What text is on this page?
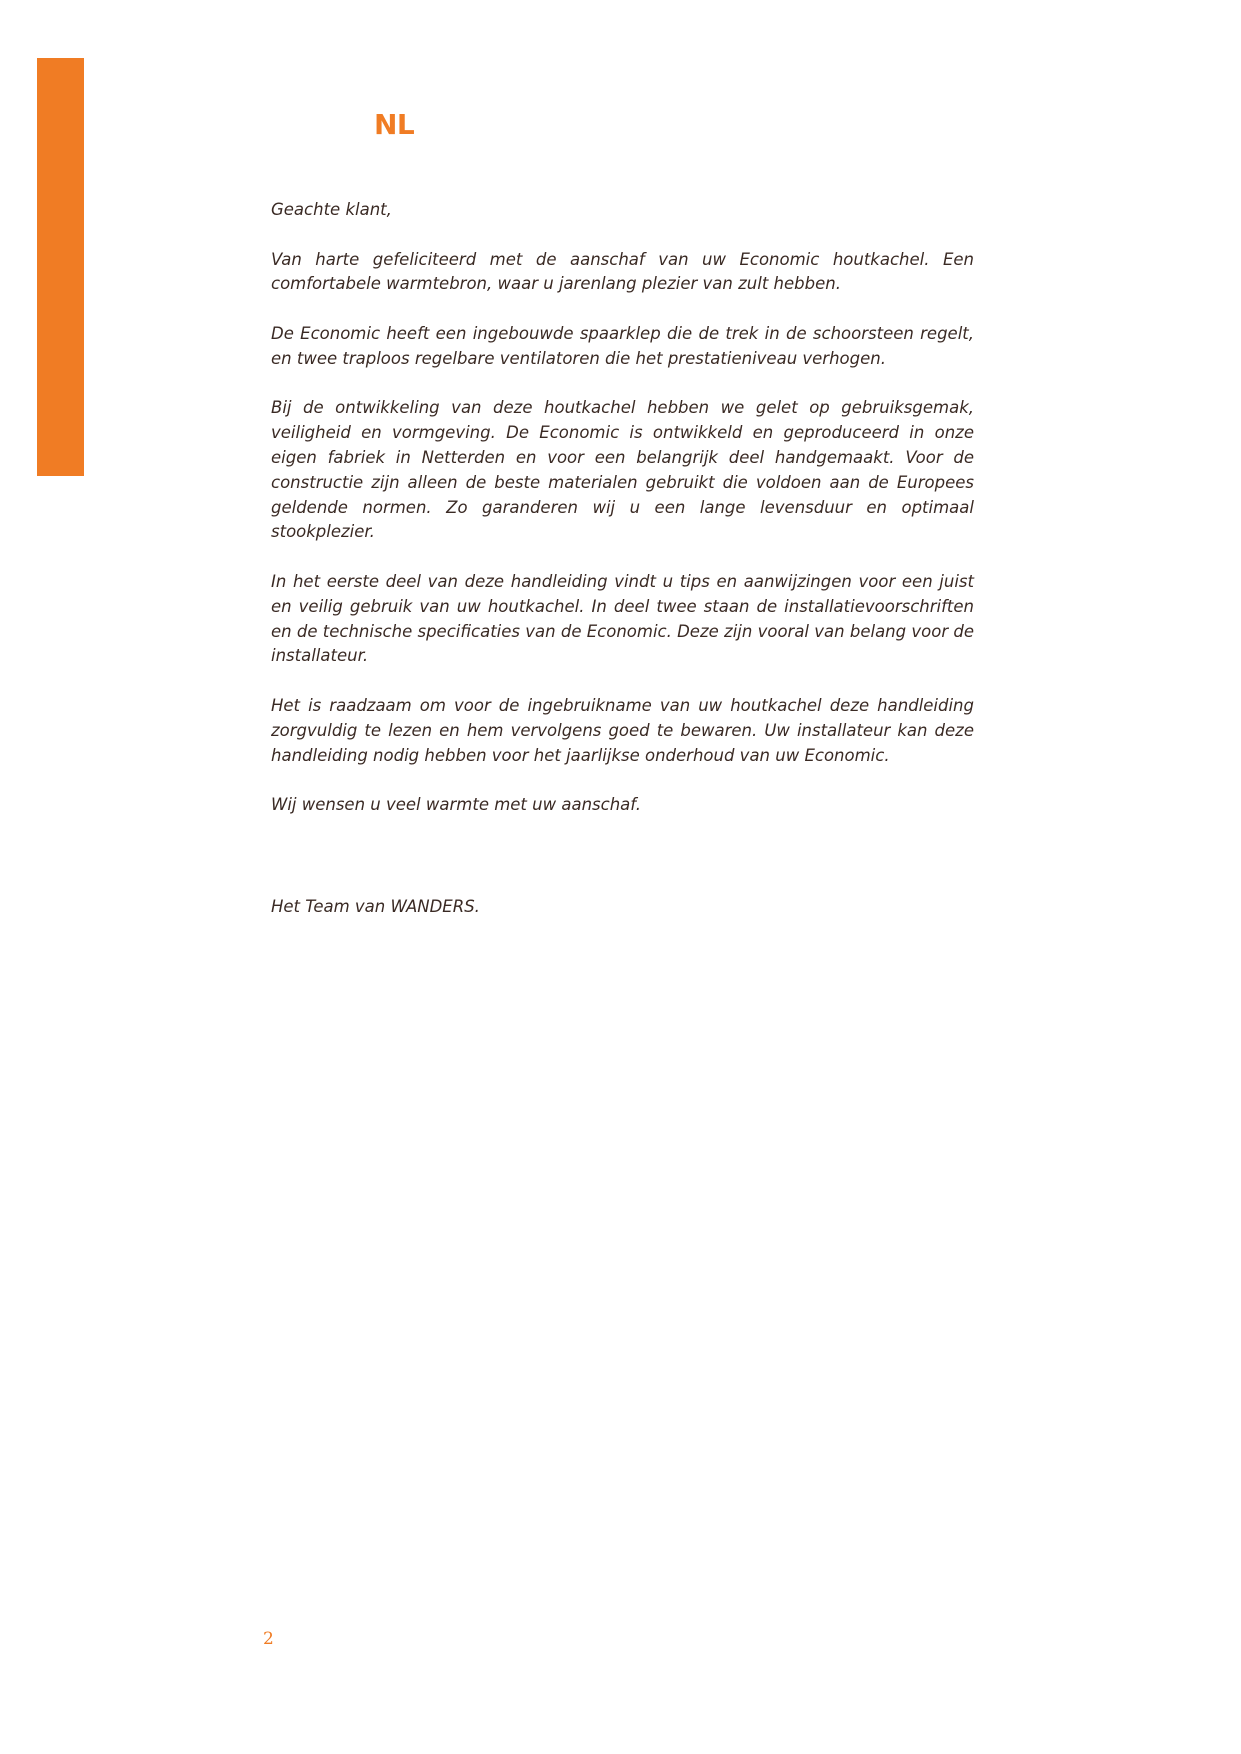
NL

Geachte klant,

Van harte gefeliciteerd met de aanschaf van uw Economic houtkachel. Een comfortabele warmtebron, waar u jarenlang plezier van zult hebben.

De Economic heeft een ingebouwde spaarklep die de trek in de schoorsteen regelt, en twee traploos regelbare ventilatoren die het prestatieniveau verhogen.

Bij de ontwikkeling van deze houtkachel hebben we gelet op gebruiksgemak, veiligheid en vormgeving. De Economic is ontwikkeld en geproduceerd in onze eigen fabriek in Netterden en voor een belangrijk deel handgemaakt. Voor de constructie zijn alleen de beste materialen gebruikt die voldoen aan de Europees geldende normen. Zo garanderen wij u een lange levensduur en optimaal stookplezier.

In het eerste deel van deze handleiding vindt u tips en aanwijzingen voor een juist en veilig gebruik van uw houtkachel. In deel twee staan de installatievoorschriften en de technische specificaties van de Economic. Deze zijn vooral van belang voor de installateur.

Het is raadzaam om voor de ingebruikname van uw houtkachel deze handleiding zorgvuldig te lezen en hem vervolgens goed te bewaren. Uw installateur kan deze handleiding nodig hebben voor het jaarlijkse onderhoud van uw Economic.

Wij wensen u veel warmte met uw aanschaf.

Het Team van WANDERS.

2
